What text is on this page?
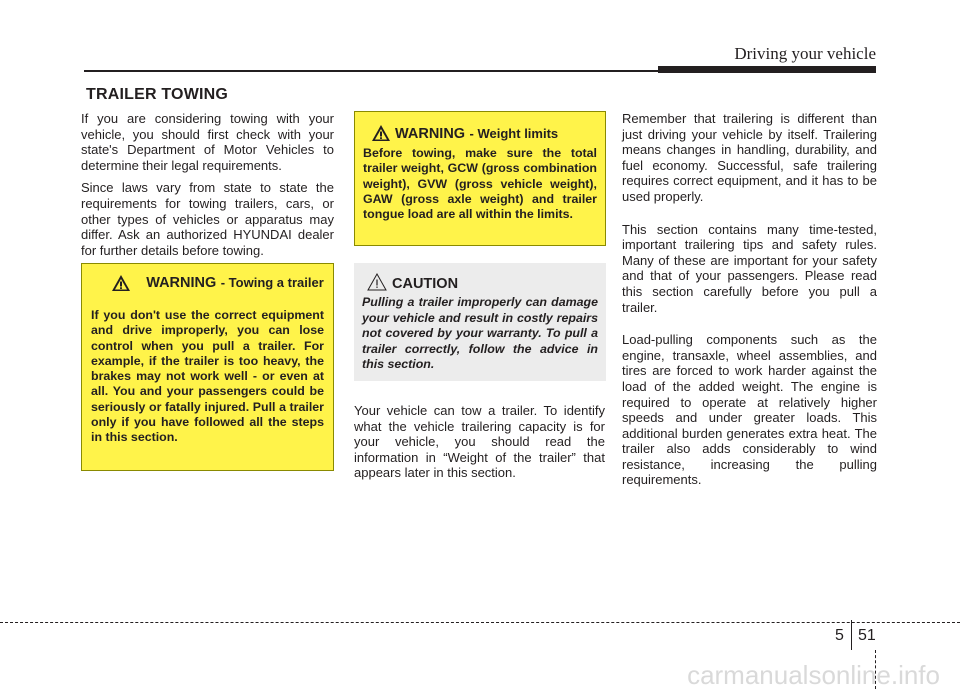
Driving your vehicle
TRAILER TOWING

If you are considering towing with your vehicle, you should first check with your state's Department of Motor Vehicles to determine their legal requirements.

Since laws vary from state to state the requirements for towing trailers, cars, or other types of vehicles or apparatus may differ. Ask an authorized HYUNDAI dealer for further details before towing.

WARNING - Towing a trailer
If you don't use the correct equipment and drive improperly, you can lose control when you pull a trailer. For example, if the trailer is too heavy, the brakes may not work well - or even at all. You and your passengers could be seriously or fatally injured. Pull a trailer only if you have followed all the steps in this section.
WARNING - Weight limits
Before towing, make sure the total trailer weight, GCW (gross combination weight), GVW (gross vehicle weight), GAW (gross axle weight) and trailer tongue load are all within the limits.
CAUTION
Pulling a trailer improperly can damage your vehicle and result in costly repairs not covered by your warranty. To pull a trailer correctly, follow the advice in this section.

Your vehicle can tow a trailer. To identify what the vehicle trailering capacity is for your vehicle, you should read the information in “Weight of the trailer” that appears later in this section.

Remember that trailering is different than just driving your vehicle by itself. Trailering means changes in handling, durability, and fuel economy. Successful, safe trailering requires correct equipment, and it has to be used properly.

This section contains many time-tested, important trailering tips and safety rules. Many of these are important for your safety and that of your passengers. Please read this section carefully before you pull a trailer.

Load-pulling components such as the engine, transaxle, wheel assemblies, and tires are forced to work harder against the load of the added weight. The engine is required to operate at relatively higher speeds and under greater loads. This additional burden generates extra heat. The trailer also adds considerably to wind resistance, increasing the pulling requirements.

5 51
carmanualsonline.info
